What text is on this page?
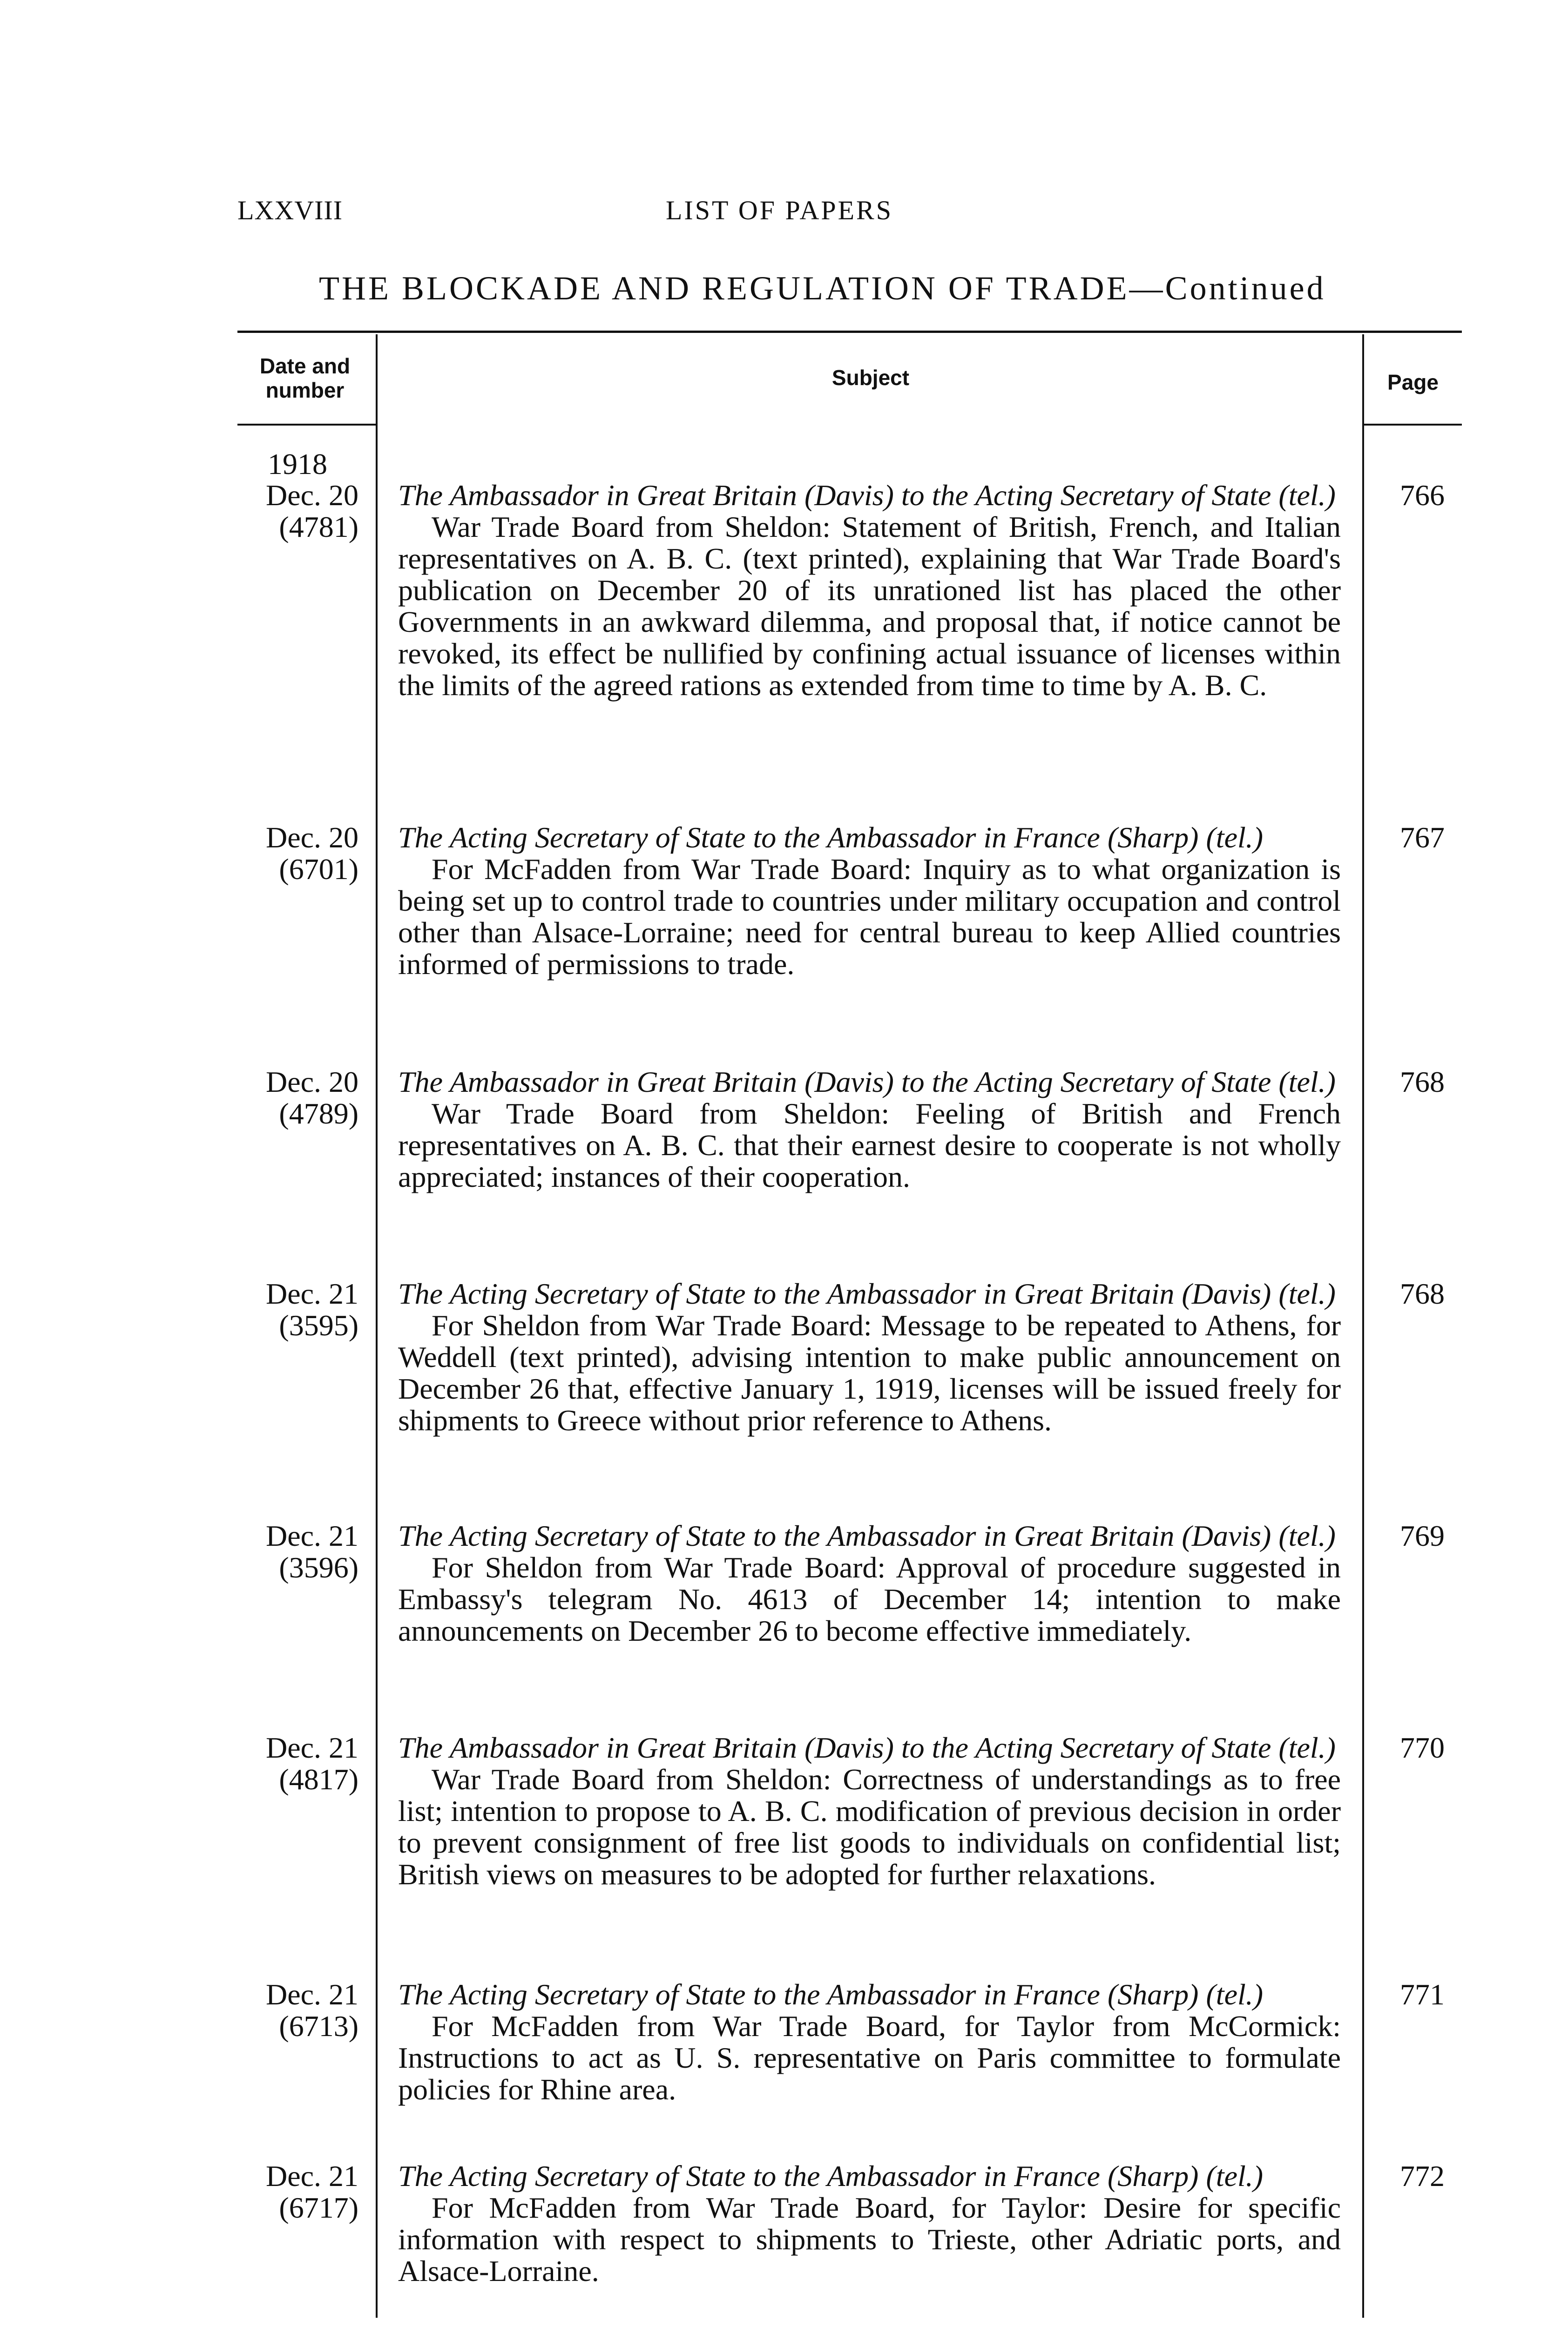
LXXVIII	LIST OF PAPERS
THE BLOCKADE AND REGULATION OF TRADE—Continued
Date and number
Subject	Page
1918
Dec. 20
(4781)
The Ambassador in Great Britain (Davis) to the Acting Secretary of State (tel.)
War Trade Board from Sheldon: Statement of British, French, and Italian representatives on A. B. C. (text printed), explaining that War Trade Board's publication on December 20 of its unrationed list has placed the other Governments in an awkward dilemma, and proposal that, if notice cannot be revoked, its effect be nullified by confining actual issuance of licenses within the limits of the agreed rations as extended from time to time by A. B. C.
766
Dec. 20
(6701)
The Acting Secretary of State to the Ambassador in France (Sharp) (tel.)
For McFadden from War Trade Board: Inquiry as to what organization is being set up to control trade to countries under military occupation and control other than Alsace-Lorraine; need for central bureau to keep Allied countries informed of permissions to trade.
767
Dec. 20
(4789)
The Ambassador in Great Britain (Davis) to the Acting Secretary of State (tel.)
War Trade Board from Sheldon: Feeling of British and French representatives on A. B. C. that their earnest desire to cooperate is not wholly appreciated; instances of their cooperation.
768
Dec. 21
(3595)
The Acting Secretary of State to the Ambassador in Great Britain (Davis) (tel.)
For Sheldon from War Trade Board: Message to be repeated to Athens, for Weddell (text printed), advising intention to make public announcement on December 26 that, effective January 1, 1919, licenses will be issued freely for shipments to Greece without prior reference to Athens.
768
Dec. 21
(3596)
The Acting Secretary of State to the Ambassador in Great Britain (Davis) (tel.)
For Sheldon from War Trade Board: Approval of procedure suggested in Embassy's telegram No. 4613 of December 14; intention to make announcements on December 26 to become effective immediately.
769
Dec. 21
(4817)
The Ambassador in Great Britain (Davis) to the Acting Secretary of State (tel.)
War Trade Board from Sheldon: Correctness of understandings as to free list; intention to propose to A. B. C. modification of previous decision in order to prevent consignment of free list goods to individuals on confidential list; British views on measures to be adopted for further relaxations.
770
Dec. 21
(6713)
The Acting Secretary of State to the Ambassador in France (Sharp) (tel.)
For McFadden from War Trade Board, for Taylor from McCormick: Instructions to act as U. S. representative on Paris committee to formulate policies for Rhine area.
771
Dec. 21
(6717)
The Acting Secretary of State to the Ambassador in France (Sharp) (tel.)
For McFadden from War Trade Board, for Taylor: Desire for specific information with respect to shipments to Trieste, other Adriatic ports, and Alsace-Lorraine.
772
